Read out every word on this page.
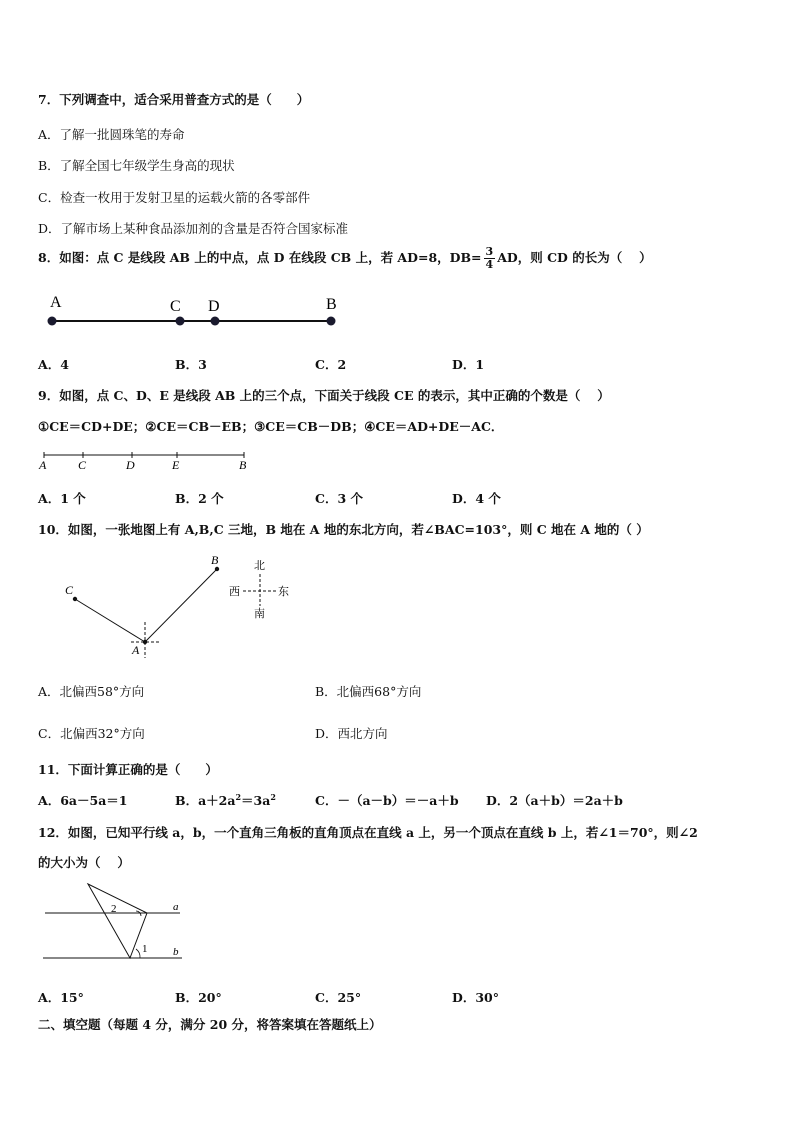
7．下列调查中，适合采用普查方式的是（　　）
A．了解一批圆珠笔的寿命
B．了解全国七年级学生身高的现状
C．检查一枚用于发射卫星的运载火箭的各零部件
D．了解市场上某种食品添加剂的含量是否符合国家标准
8．如图：点 C 是线段 AB 上的中点，点 D 在线段 CB 上，若 AD=8，$DB= \frac{3}{4}$ AD，则 CD 的长为（　 ）
A	C D	B
A．4	B．3	C．2	D．1
9．如图，点 C、D、E 是线段 AB 上的三个点，下面关于线段 CE 的表示，其中正确的个数是（　 ）
①CE＝CD+DE；②CE＝CB－EB；③CE＝CB－DB；④CE＝AD+DE－AC．
A	C	D	E	B
A．1 个	B．2 个	C．3 个	D．4 个
10．如图，一张地图上有 A,B,C 三地，B 地在 A 地的东北方向，若∠BAC=103°，则 C 地在 A 地的（ ）
C
B
A
北
南
西	东
A．北偏西58°方向	B．北偏西68°方向
C．北偏西32°方向	D．西北方向
11．下面计算正确的是（　　）
A．6a－5a＝1	B．$a+2a^2=3a^2$	C．－（a－b）＝－a＋b D．2（a＋b）＝2a＋b
12．如图，已知平行线 a，b，一个直角三角板的直角顶点在直线 a 上，另一个顶点在直线 b 上，若∠1＝70°，则∠2
的大小为（　 ）
2
1
a
b
A．15°	B．20°	C．25°	D．30°
二、填空题（每题 4 分，满分 20 分，将答案填在答题纸上）
